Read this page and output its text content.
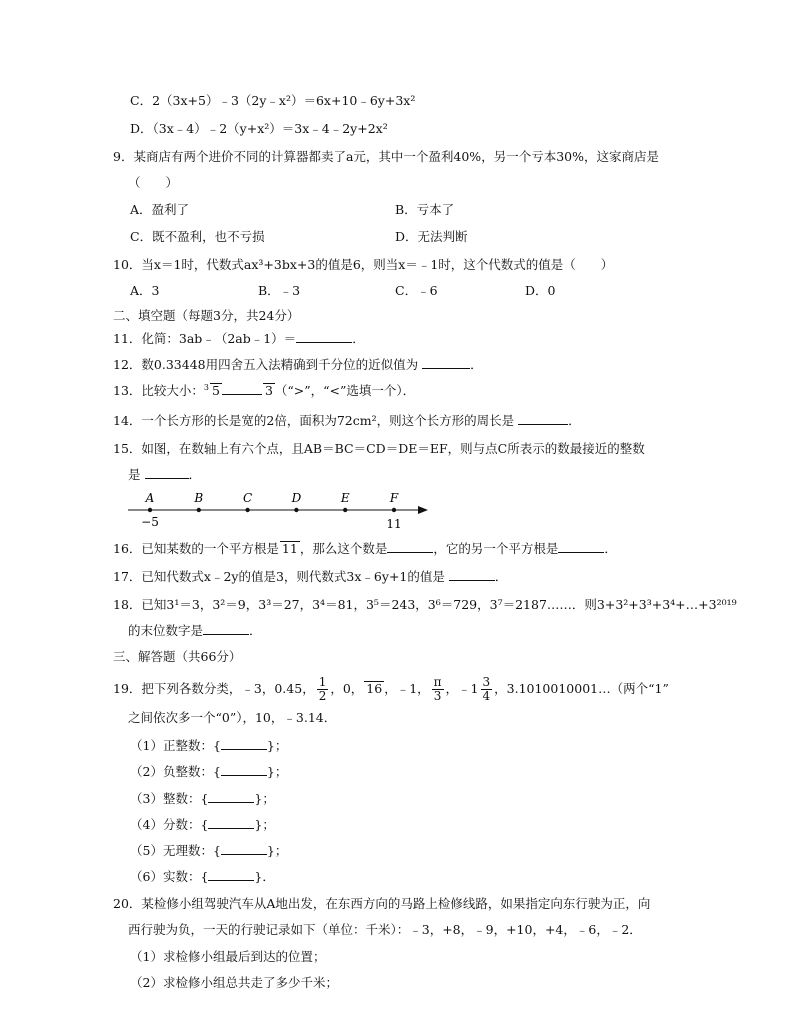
C．2（3x+5）﹣3（2y﹣x²）＝6x+10﹣6y+3x²
D．（3x﹣4）﹣2（y+x²）＝3x﹣4﹣2y+2x²
9．某商店有两个进价不同的计算器都卖了a元，其中一个盈利40%，另一个亏本30%，这家商店是
（　　）
A．盈利了	B．亏本了
C．既不盈利，也不亏损	D．无法判断
10．当x＝1时，代数式ax³+3bx+3的值是6，则当x＝﹣1时，这个代数式的值是（　　）
A．3	B．﹣3	C．﹣6	D．0
二、填空题（每题3分，共24分）
11．化简：3ab﹣（2ab﹣1）＝	．
12．数0.33448用四舍五入法精确到千分位的近似值为	．
13．比较大小：$^3$ 5	3 （“>”，“<”选填一个）．
14．一个长方形的长是宽的2倍，面积为72cm²，则这个长方形的周长是	．
15．如图，在数轴上有六个点，且AB＝BC＝CD＝DE＝EF，则与点C所表示的数最接近的整数
是	．
A	B	C	D	E	F
−5	11
16．已知某数的一个平方根是 11 ，那么这个数是	，它的另一个平方根是	．
17．已知代数式x﹣2y的值是3，则代数式3x﹣6y+1的值是	．
18．已知3¹＝3，3²＝9，3³＝27，3⁴＝81，3⁵＝243，3⁶＝729，3⁷＝2187……．则3+3²+3³+3⁴+…+3²⁰¹⁹
的末位数字是	．
三、解答题（共66分）
19．把下列各数分类，﹣3，0.45， $\frac{1}{2}$ ，0， 16 ，﹣1， $\frac{\pi}{3}$ ，﹣1 $\frac{3}{4}$ ，3.1010010001…（两个“1”
之间依次多一个“0”），10，﹣3.14．
（1）正整数：{	}；
（2）负整数：{	}；
（3）整数：{	}；
（4）分数：{	}；
（5）无理数：{	}；
（6）实数：{	}．
20．某检修小组驾驶汽车从A地出发，在东西方向的马路上检修线路，如果指定向东行驶为正，向
西行驶为负，一天的行驶记录如下（单位：千米）：﹣3，+8，﹣9，+10，+4，﹣6，﹣2．
（1）求检修小组最后到达的位置；
（2）求检修小组总共走了多少千米；
